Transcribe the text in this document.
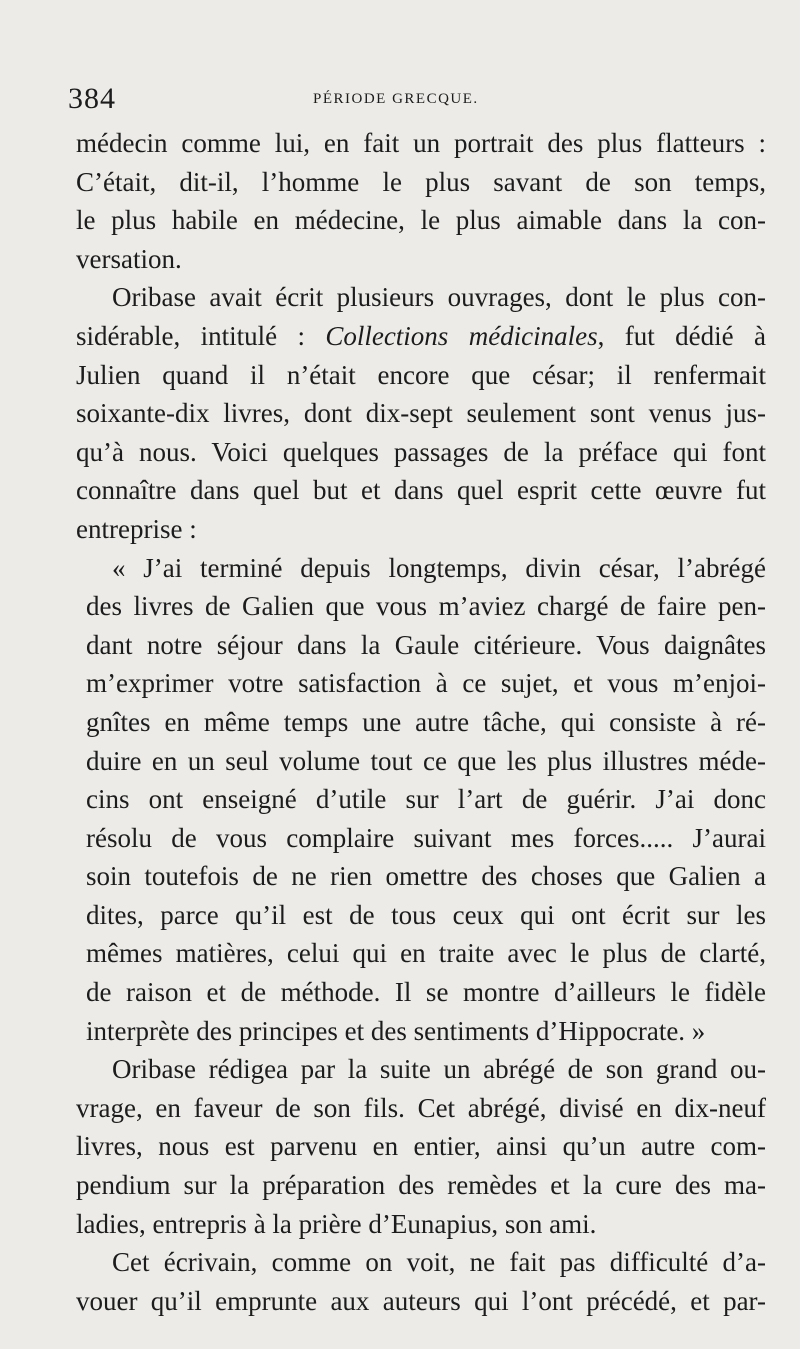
384	PÉRIODE GRECQUE.
médecin comme lui, en fait un portrait des plus flatteurs :
C’était, dit-il, l’homme le plus savant de son temps,
le plus habile en médecine, le plus aimable dans la con-
versation.
Oribase avait écrit plusieurs ouvrages, dont le plus con-
sidérable, intitulé : Collections médicinales, fut dédié à
Julien quand il n’était encore que césar; il renfermait
soixante-dix livres, dont dix-sept seulement sont venus jus-
qu’à nous. Voici quelques passages de la préface qui font
connaître dans quel but et dans quel esprit cette œuvre fut
entreprise :
« J’ai terminé depuis longtemps, divin césar, l’abrégé
des livres de Galien que vous m’aviez chargé de faire pen-
dant notre séjour dans la Gaule citérieure. Vous daignâtes
m’exprimer votre satisfaction à ce sujet, et vous m’enjoi-
gnîtes en même temps une autre tâche, qui consiste à ré-
duire en un seul volume tout ce que les plus illustres méde-
cins ont enseigné d’utile sur l’art de guérir. J’ai donc
résolu de vous complaire suivant mes forces..... J’aurai
soin toutefois de ne rien omettre des choses que Galien a
dites, parce qu’il est de tous ceux qui ont écrit sur les
mêmes matières, celui qui en traite avec le plus de clarté,
de raison et de méthode. Il se montre d’ailleurs le fidèle
interprète des principes et des sentiments d’Hippocrate. »
Oribase rédigea par la suite un abrégé de son grand ou-
vrage, en faveur de son fils. Cet abrégé, divisé en dix-neuf
livres, nous est parvenu en entier, ainsi qu’un autre com-
pendium sur la préparation des remèdes et la cure des ma-
ladies, entrepris à la prière d’Eunapius, son ami.
Cet écrivain, comme on voit, ne fait pas difficulté d’a-
vouer qu’il emprunte aux auteurs qui l’ont précédé, et par-
